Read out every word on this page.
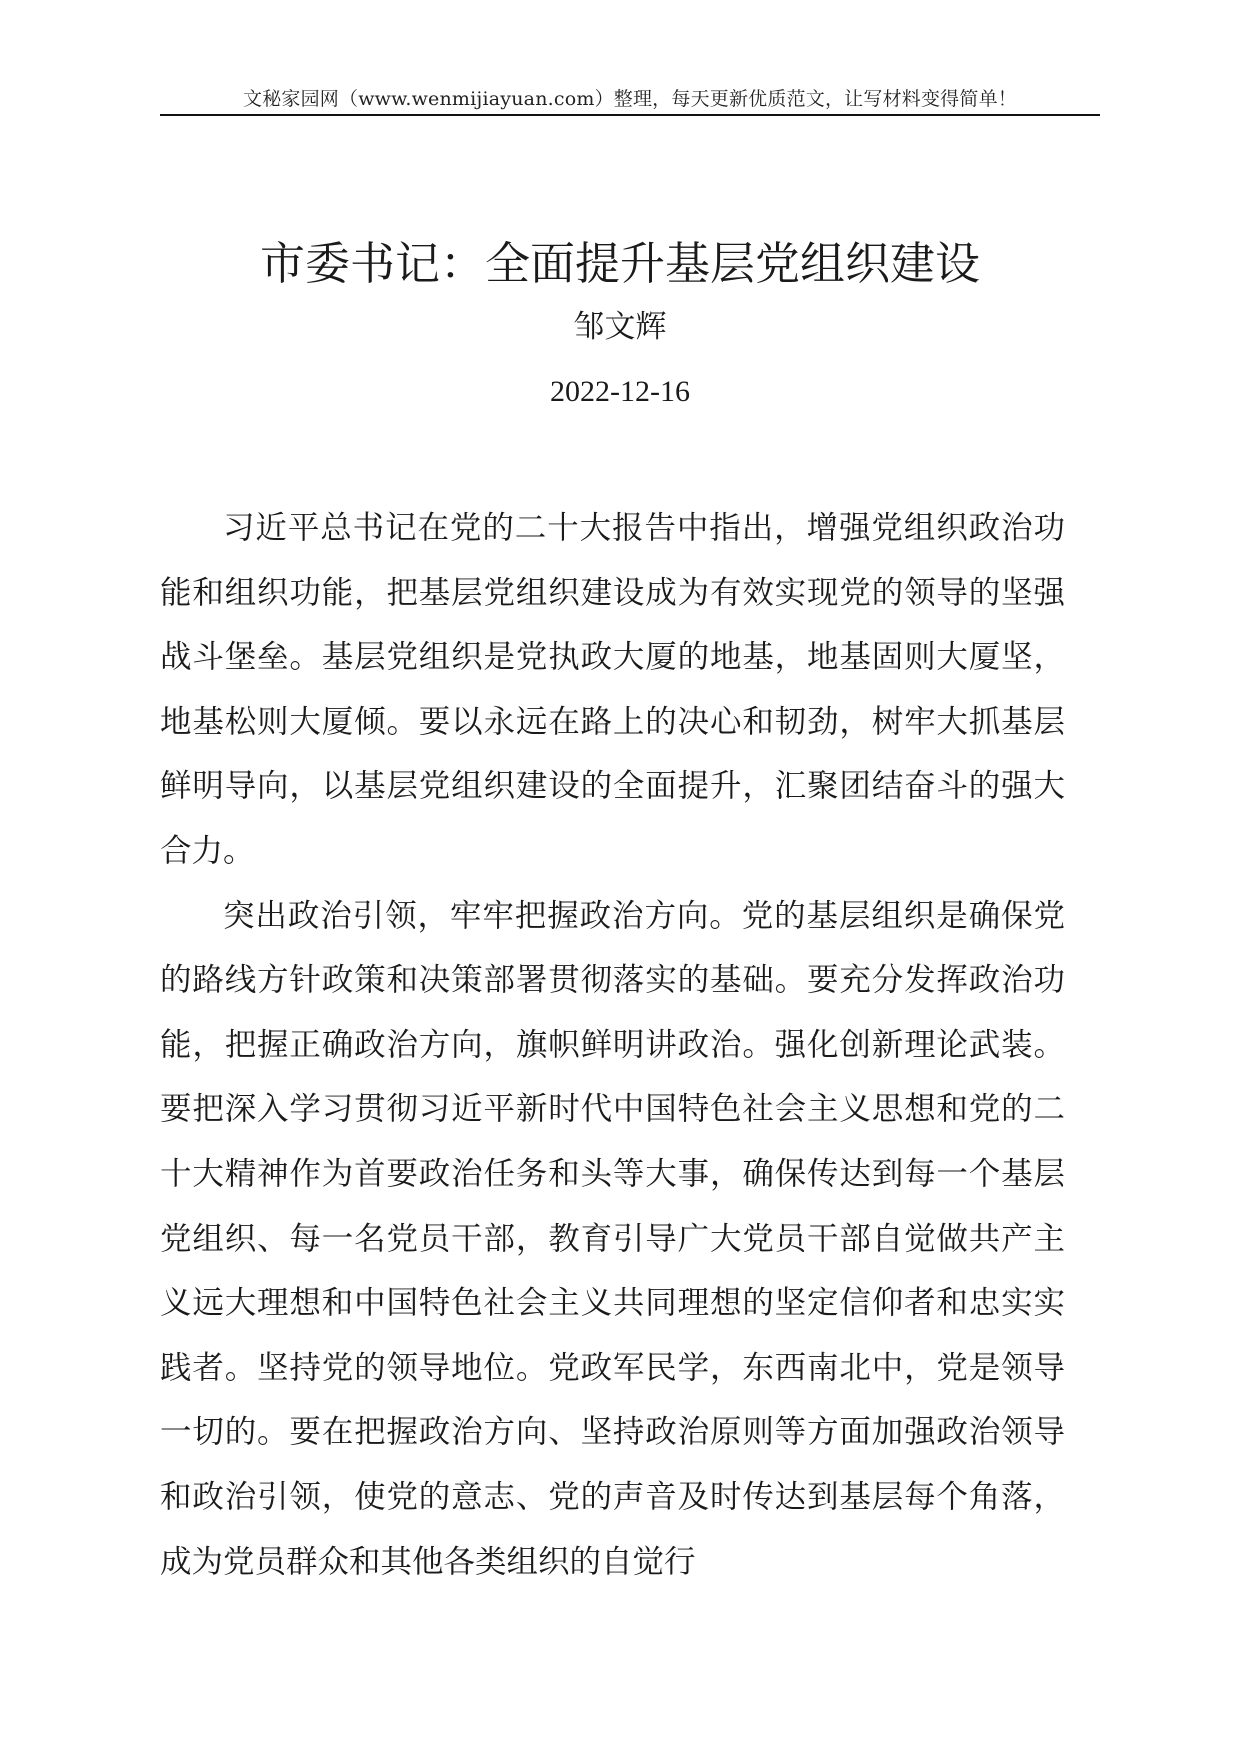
文秘家园网（www.wenmijiayuan.com）整理，每天更新优质范文，让写材料变得简单！
市委书记：全面提升基层党组织建设
邹文辉
2022-12-16

习近平总书记在党的二十大报告中指出，增强党组织政治功能和组织功能，把基层党组织建设成为有效实现党的领导的坚强战斗堡垒。基层党组织是党执政大厦的地基，地基固则大厦坚，地基松则大厦倾。要以永远在路上的决心和韧劲，树牢大抓基层鲜明导向，以基层党组织建设的全面提升，汇聚团结奋斗的强大合力。

突出政治引领，牢牢把握政治方向。党的基层组织是确保党的路线方针政策和决策部署贯彻落实的基础。要充分发挥政治功能，把握正确政治方向，旗帜鲜明讲政治。强化创新理论武装。要把深入学习贯彻习近平新时代中国特色社会主义思想和党的二十大精神作为首要政治任务和头等大事，确保传达到每一个基层党组织、每一名党员干部，教育引导广大党员干部自觉做共产主义远大理想和中国特色社会主义共同理想的坚定信仰者和忠实实践者。坚持党的领导地位。党政军民学，东西南北中，党是领导一切的。要在把握政治方向、坚持政治原则等方面加强政治领导和政治引领，使党的意志、党的声音及时传达到基层每个角落，成为党员群众和其他各类组织的自觉行
